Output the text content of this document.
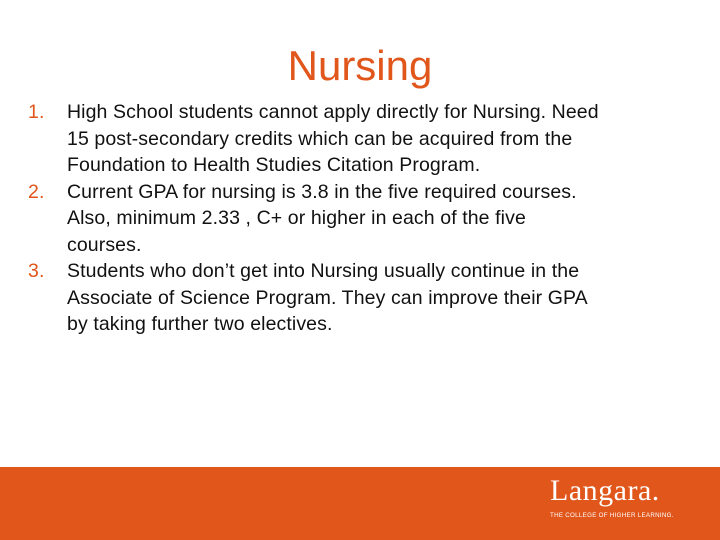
Nursing
1. High School students cannot apply directly for Nursing. Need
15 post-secondary credits which can be acquired from the
Foundation to Health Studies Citation Program.
2. Current GPA for nursing is 3.8 in the five required courses.
Also, minimum 2.33 , C+ or higher in each of the five
courses.
3. Students who don’t get into Nursing usually continue in the
Associate of Science Program. They can improve their GPA
by taking further two electives.
Langara.
THE COLLEGE OF HIGHER LEARNING.
